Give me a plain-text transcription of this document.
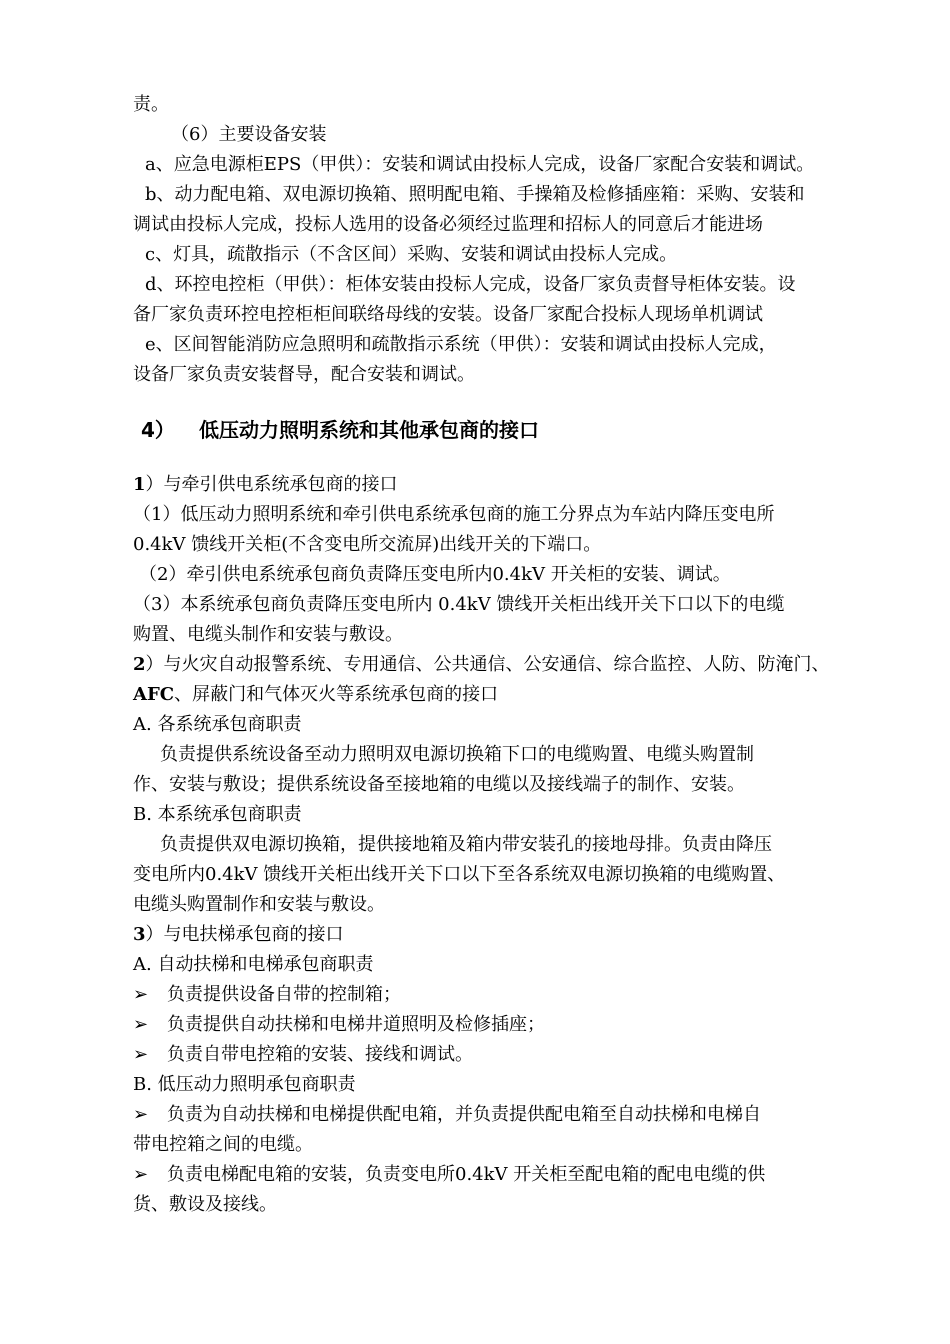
责。
（6）主要设备安装
a、应急电源柜EPS（甲供）：安装和调试由投标人完成，设备厂家配合安装和调试。
b、动力配电箱、双电源切换箱、照明配电箱、手操箱及检修插座箱：采购、安装和
调试由投标人完成，投标人选用的设备必须经过监理和招标人的同意后才能进场
c、灯具，疏散指示（不含区间）采购、安装和调试由投标人完成。
d、环控电控柜（甲供）：柜体安装由投标人完成，设备厂家负责督导柜体安装。设
备厂家负责环控电控柜柜间联络母线的安装。设备厂家配合投标人现场单机调试
e、区间智能消防应急照明和疏散指示系统（甲供）：安装和调试由投标人完成，
设备厂家负责安装督导，配合安装和调试。
4） 低压动力照明系统和其他承包商的接口
1）与牵引供电系统承包商的接口
（1）低压动力照明系统和牵引供电系统承包商的施工分界点为车站内降压变电所
0.4kV 馈线开关柜(不含变电所交流屏)出线开关的下端口。
（2）牵引供电系统承包商负责降压变电所内0.4kV 开关柜的安装、调试。
（3）本系统承包商负责降压变电所内 0.4kV 馈线开关柜出线开关下口以下的电缆
购置、电缆头制作和安装与敷设。
2）与火灾自动报警系统、专用通信、公共通信、公安通信、综合监控、人防、防淹门、
AFC、屏蔽门和气体灭火等系统承包商的接口
A. 各系统承包商职责
负责提供系统设备至动力照明双电源切换箱下口的电缆购置、电缆头购置制
作、安装与敷设；提供系统设备至接地箱的电缆以及接线端子的制作、安装。
B. 本系统承包商职责
负责提供双电源切换箱，提供接地箱及箱内带安装孔的接地母排。负责由降压
变电所内0.4kV 馈线开关柜出线开关下口以下至各系统双电源切换箱的电缆购置、
电缆头购置制作和安装与敷设。
3）与电扶梯承包商的接口
A. 自动扶梯和电梯承包商职责
➢ 负责提供设备自带的控制箱；
➢ 负责提供自动扶梯和电梯井道照明及检修插座；
➢ 负责自带电控箱的安装、接线和调试。
B. 低压动力照明承包商职责
➢ 负责为自动扶梯和电梯提供配电箱，并负责提供配电箱至自动扶梯和电梯自
带电控箱之间的电缆。
➢ 负责电梯配电箱的安装，负责变电所0.4kV 开关柜至配电箱的配电电缆的供
货、敷设及接线。
